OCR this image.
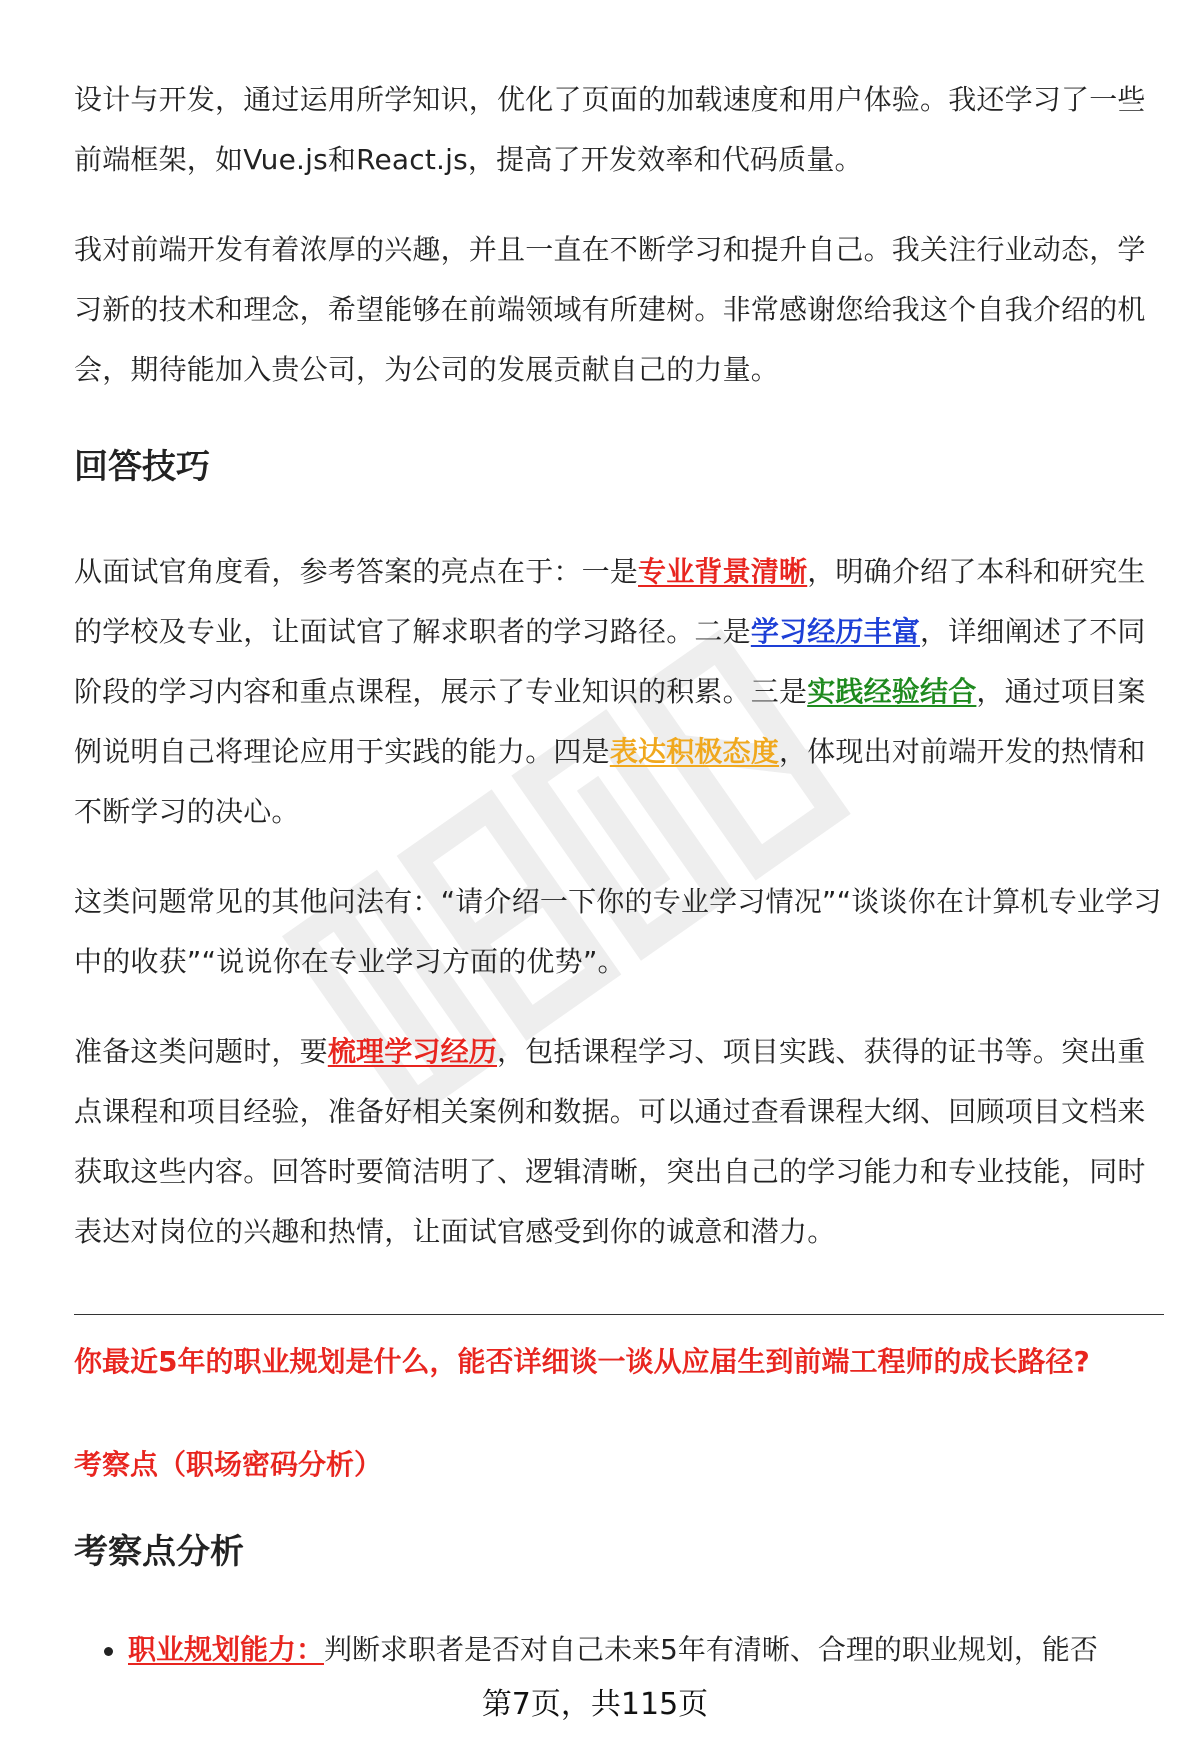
设计与开发，通过运用所学知识，优化了页面的加载速度和用户体验。我还学习了一些前端框架，如Vue.js和React.js，提高了开发效率和代码质量。

我对前端开发有着浓厚的兴趣，并且一直在不断学习和提升自己。我关注行业动态，学习新的技术和理念，希望能够在前端领域有所建树。非常感谢您给我这个自我介绍的机会，期待能加入贵公司，为公司的发展贡献自己的力量。

回答技巧

从面试官角度看，参考答案的亮点在于：一是专业背景清晰，明确介绍了本科和研究生的学校及专业，让面试官了解求职者的学习路径。二是学习经历丰富，详细阐述了不同阶段的学习内容和重点课程，展示了专业知识的积累。三是实践经验结合，通过项目案例说明自己将理论应用于实践的能力。四是表达积极态度，体现出对前端开发的热情和不断学习的决心。

这类问题常见的其他问法有：“请介绍一下你的专业学习情况”“谈谈你在计算机专业学习中的收获”“说说你在专业学习方面的优势”。

准备这类问题时，要梳理学习经历，包括课程学习、项目实践、获得的证书等。突出重点课程和项目经验，准备好相关案例和数据。可以通过查看课程大纲、回顾项目文档来获取这些内容。回答时要简洁明了、逻辑清晰，突出自己的学习能力和专业技能，同时表达对岗位的兴趣和热情，让面试官感受到你的诚意和潜力。

你最近5年的职业规划是什么，能否详细谈一谈从应届生到前端工程师的成长路径?

考察点（职场密码分析）

考察点分析
职业规划能力：判断求职者是否对自己未来5年有清晰、合理的职业规划，能否

第7页，共115页
